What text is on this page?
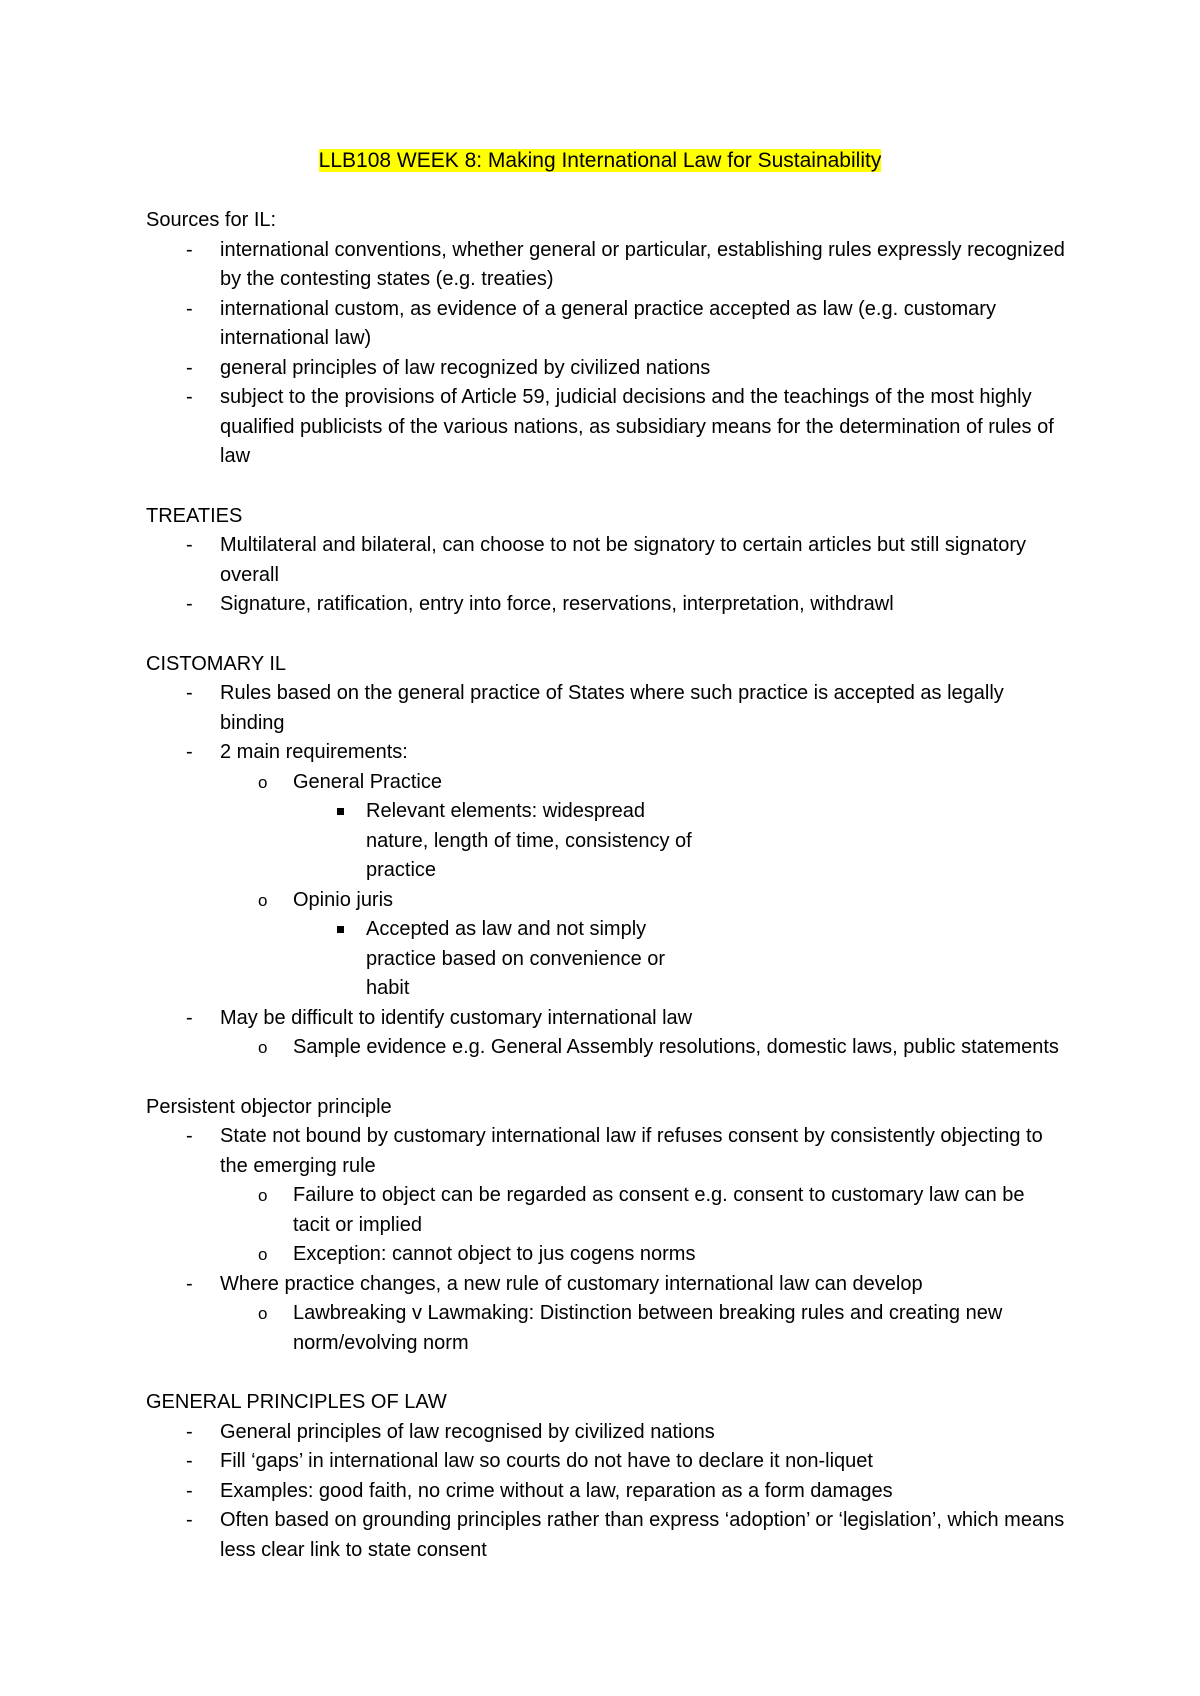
LLB108 WEEK 8: Making International Law for Sustainability
Sources for IL:
- international conventions, whether general or particular, establishing rules expressly recognized by the contesting states (e.g. treaties)
- international custom, as evidence of a general practice accepted as law (e.g. customary international law)
- general principles of law recognized by civilized nations
- subject to the provisions of Article 59, judicial decisions and the teachings of the most highly qualified publicists of the various nations, as subsidiary means for the determination of rules of law
TREATIES
- Multilateral and bilateral, can choose to not be signatory to certain articles but still signatory overall
- Signature, ratification, entry into force, reservations, interpretation, withdrawl
CISTOMARY IL
- Rules based on the general practice of States where such practice is accepted as legally binding
- 2 main requirements:
o General Practice
Relevant elements: widespread nature, length of time, consistency of practice
o Opinio juris
Accepted as law and not simply practice based on convenience or habit
- May be difficult to identify customary international law
o Sample evidence e.g. General Assembly resolutions, domestic laws, public statements
Persistent objector principle
- State not bound by customary international law if refuses consent by consistently objecting to the emerging rule
o Failure to object can be regarded as consent e.g. consent to customary law can be tacit or implied
o Exception: cannot object to jus cogens norms
- Where practice changes, a new rule of customary international law can develop
o Lawbreaking v Lawmaking: Distinction between breaking rules and creating new norm/evolving norm
GENERAL PRINCIPLES OF LAW
- General principles of law recognised by civilized nations
- Fill ‘gaps’ in international law so courts do not have to declare it non-liquet
- Examples: good faith, no crime without a law, reparation as a form damages
- Often based on grounding principles rather than express ‘adoption’ or ‘legislation’, which means less clear link to state consent
